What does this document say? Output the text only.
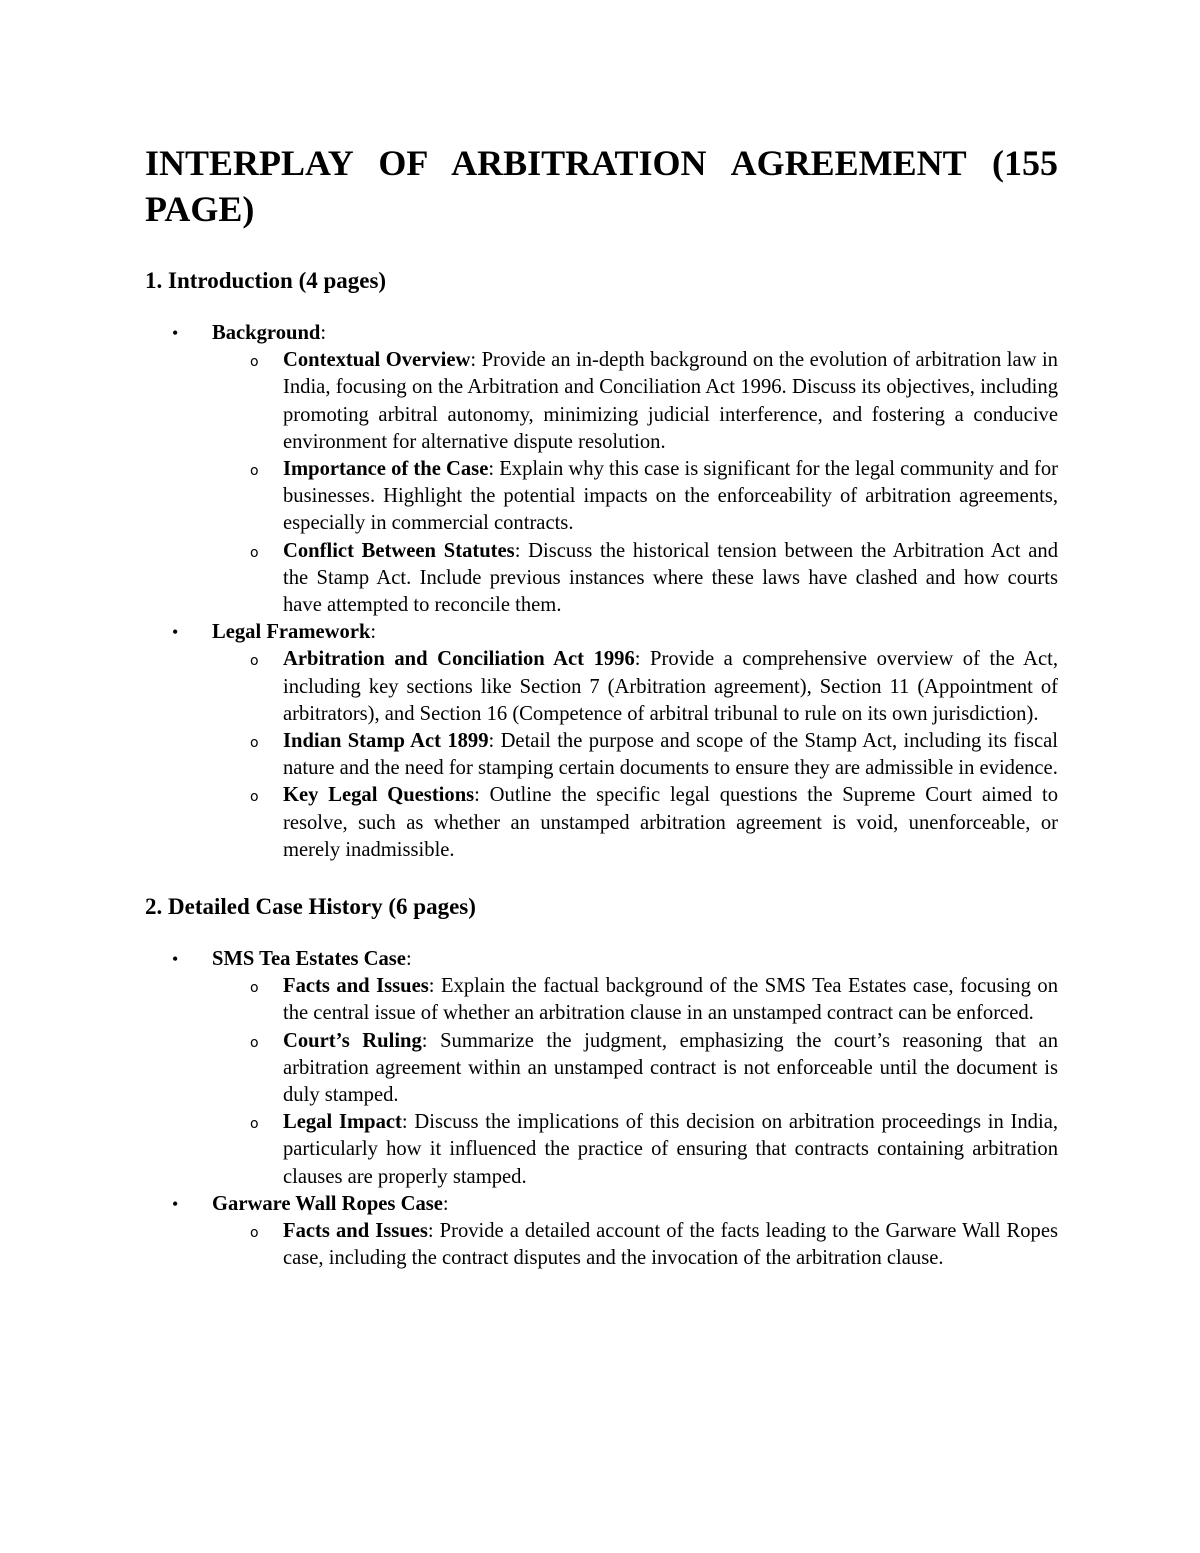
INTERPLAY OF ARBITRATION AGREEMENT (155 PAGE)
1. Introduction (4 pages)
• Background:
o Contextual Overview: Provide an in-depth background on the evolution of arbitration law in India, focusing on the Arbitration and Conciliation Act 1996. Discuss its objectives, including promoting arbitral autonomy, minimizing judicial interference, and fostering a conducive environment for alternative dispute resolution.
o Importance of the Case: Explain why this case is significant for the legal community and for businesses. Highlight the potential impacts on the enforceability of arbitration agreements, especially in commercial contracts.
o Conflict Between Statutes: Discuss the historical tension between the Arbitration Act and the Stamp Act. Include previous instances where these laws have clashed and how courts have attempted to reconcile them.
• Legal Framework:
o Arbitration and Conciliation Act 1996: Provide a comprehensive overview of the Act, including key sections like Section 7 (Arbitration agreement), Section 11 (Appointment of arbitrators), and Section 16 (Competence of arbitral tribunal to rule on its own jurisdiction).
o Indian Stamp Act 1899: Detail the purpose and scope of the Stamp Act, including its fiscal nature and the need for stamping certain documents to ensure they are admissible in evidence.
o Key Legal Questions: Outline the specific legal questions the Supreme Court aimed to resolve, such as whether an unstamped arbitration agreement is void, unenforceable, or merely inadmissible.
2. Detailed Case History (6 pages)
• SMS Tea Estates Case:
o Facts and Issues: Explain the factual background of the SMS Tea Estates case, focusing on the central issue of whether an arbitration clause in an unstamped contract can be enforced.
o Court’s Ruling: Summarize the judgment, emphasizing the court’s reasoning that an arbitration agreement within an unstamped contract is not enforceable until the document is duly stamped.
o Legal Impact: Discuss the implications of this decision on arbitration proceedings in India, particularly how it influenced the practice of ensuring that contracts containing arbitration clauses are properly stamped.
• Garware Wall Ropes Case:
o Facts and Issues: Provide a detailed account of the facts leading to the Garware Wall Ropes case, including the contract disputes and the invocation of the arbitration clause.
